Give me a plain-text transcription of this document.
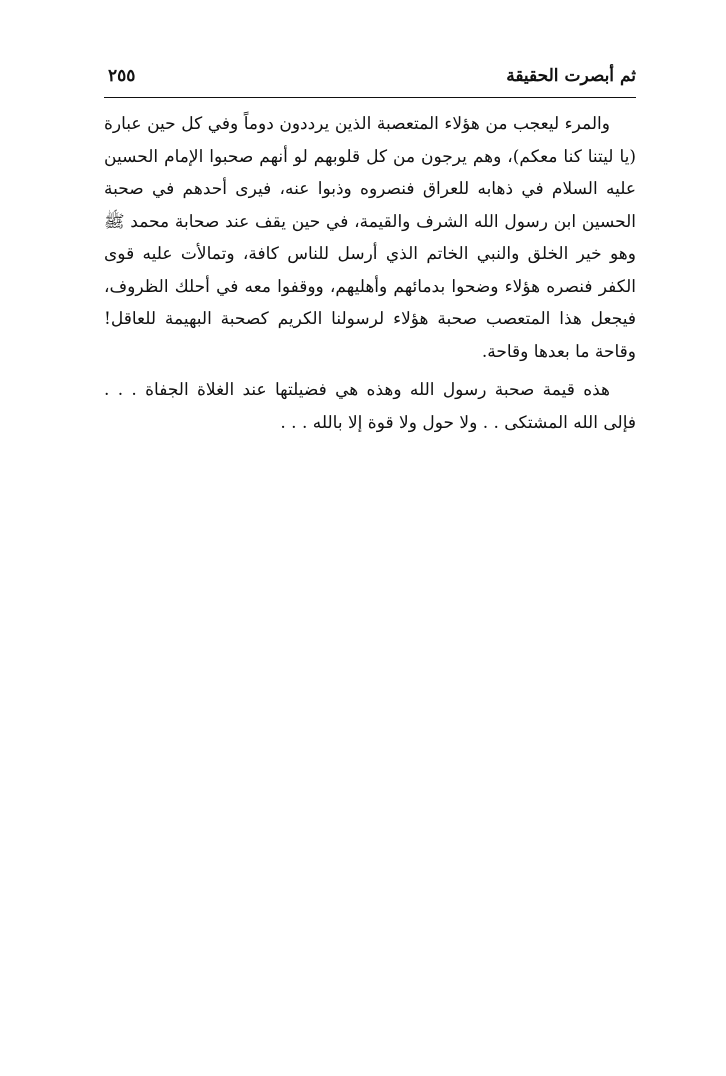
ثم أبصرت الحقيقة
٢٥٥

والمرء ليعجب من هؤلاء المتعصبة الذين يرددون دوماً وفي كل حين عبارة (يا ليتنا كنا معكم)، وهم يرجون من كل قلوبهم لو أنهم صحبوا الإمام الحسين عليه السلام في ذهابه للعراق فنصروه وذبوا عنه، فيرى أحدهم في صحبة الحسين ابن رسول الله الشرف والقيمة، في حين يقف عند صحابة محمد ﷺ وهو خير الخلق والنبي الخاتم الذي أرسل للناس كافة، وتمالأت عليه قوى الكفر فنصره هؤلاء وضحوا بدمائهم وأهليهم، ووقفوا معه في أحلك الظروف، فيجعل هذا المتعصب صحبة هؤلاء لرسولنا الكريم كصحبة البهيمة للعاقل! وقاحة ما بعدها وقاحة.

هذه قيمة صحبة رسول الله وهذه هي فضيلتها عند الغلاة الجفاة . . . فإلى الله المشتكى . . ولا حول ولا قوة إلا بالله . . .
